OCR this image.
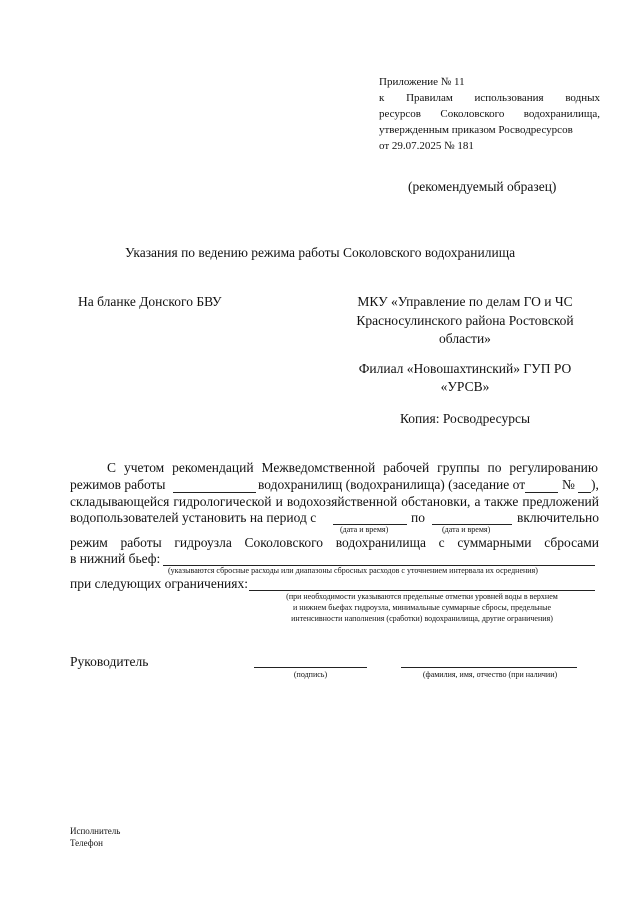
Приложение № 11
к Правилам использования водных
ресурсов Соколовского водохранилища,
утвержденным приказом Росводресурсов
от 29.07.2025 № 181
(рекомендуемый образец)
Указания по ведению режима работы Соколовского водохранилища
На бланке Донского БВУ	МКУ «Управление по делам ГО и ЧС
Красносулинского района Ростовской
области»
Филиал «Новошахтинский» ГУП РО
«УРСВ»
Копия: Росводресурсы
С учетом рекомендаций Межведомственной рабочей группы по регулированию
режимов работы	водохранилищ (водохранилища) (заседание от	№ ),
складывающейся гидрологической и водохозяйственной обстановки, а также предложений
водопользователей установить на период с	по	включительно
(дата и время)	(дата и время)
режим работы гидроузла Соколовского водохранилища с суммарными сбросами
в нижний бьеф:
(указываются сбросные расходы или диапазоны сбросных расходов с уточнением интервала их осреднения)
при следующих ограничениях:
(при необходимости указываются предельные отметки уровней воды в верхнем
и нижнем бьефах гидроузла, минимальные суммарные сбросы, предельные
интенсивности наполнения (сработки) водохранилища, другие ограничения)
Руководитель
(подпись)	(фамилия, имя, отчество (при наличии)
Исполнитель
Телефон
